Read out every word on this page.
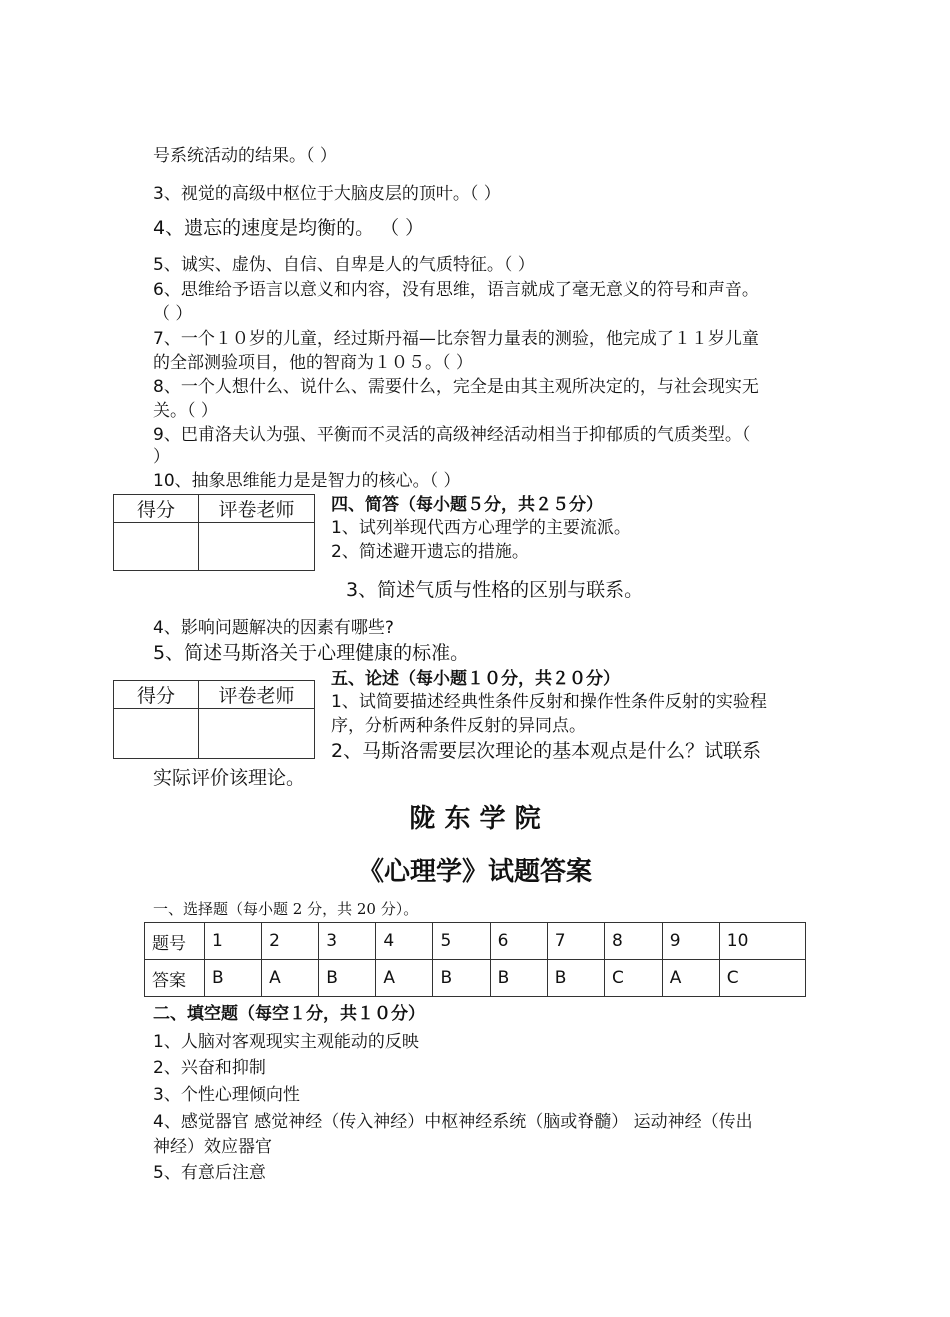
号系统活动的结果。（ ）
3、视觉的高级中枢位于大脑皮层的顶叶。（ ）
4、遗忘的速度是均衡的。 （ ）
5、诚实、虚伪、自信、自卑是人的气质特征。（ ）
6、思维给予语言以意义和内容，没有思维，语言就成了毫无意义的符号和声音。
（ ）
7、一个１０岁的儿童，经过斯丹福—比奈智力量表的测验，他完成了１１岁儿童
的全部测验项目，他的智商为１０５。（ ）
8、一个人想什么、说什么、需要什么，完全是由其主观所决定的，与社会现实无
关。（ ）
9、巴甫洛夫认为强、平衡而不灵活的高级神经活动相当于抑郁质的气质类型。（
）
10、抽象思维能力是是智力的核心。（ ）
得分	评卷老师
	四、简答（每小题５分，共２５分）
1、试列举现代西方心理学的主要流派。
2、简述避开遗忘的措施。
3、简述气质与性格的区别与联系。
4、影响问题解决的因素有哪些?
5、简述马斯洛关于心理健康的标准。
得分	评卷老师

五、论述（每小题１０分，共２０分）
1、试简要描述经典性条件反射和操作性条件反射的实验程
序，分析两种条件反射的异同点。
2、马斯洛需要层次理论的基本观点是什么？试联系
实际评价该理论。
陇 东 学 院
《心理学》试题答案
一、选择题（每小题 2 分，共 20 分）。
题号	1	2	3	4	5	6	7	8	9	10
答案	B	A	B	A	B	B	B	C	A	C
二、填空题（每空１分，共１０分）
1、人脑对客观现实主观能动的反映
2、兴奋和抑制
3、个性心理倾向性
4、感觉器官 感觉神经（传入神经）中枢神经系统（脑或脊髓） 运动神经（传出
神经）效应器官
5、有意后注意
